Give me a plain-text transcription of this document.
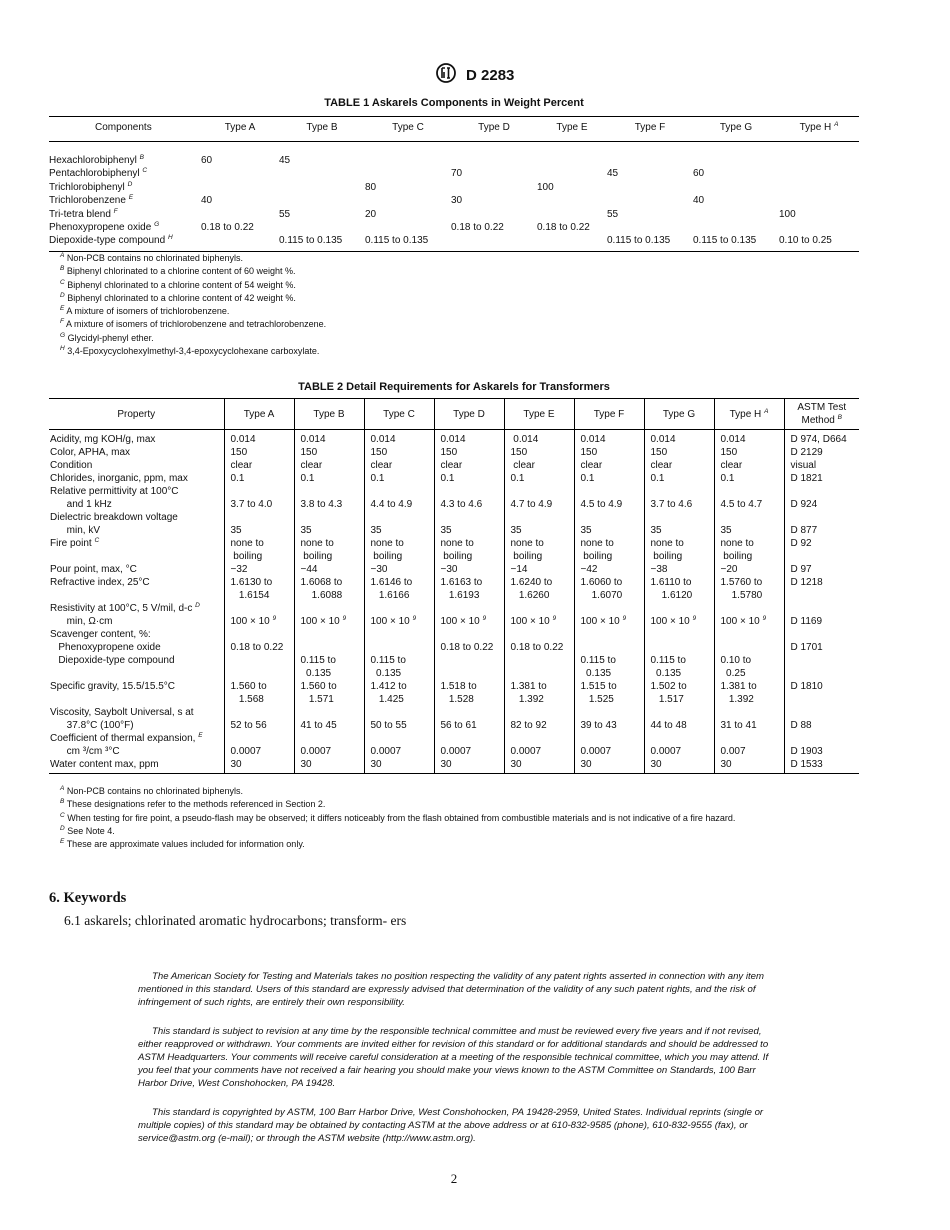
D 2283
TABLE 1 Askarels Components in Weight Percent
Components	Type A	Type B	Type C	Type D	Type E	Type F	Type G	Type H $^A$

Hexachlorobiphenyl $^B$	60	45						
Pentachlorobiphenyl $^C$				70		45	60	
Trichlorobiphenyl $^D$			80		100			
Trichlorobenzene $^E$	40			30			40	
Tri-tetra blend $^F$		55	20			55		100
Phenoxypropene oxide $^G$	0.18 to 0.22			0.18 to 0.22	0.18 to 0.22			
Diepoxide-type compound $^H$		0.115 to 0.135	0.115 to 0.135			0.115 to 0.135	0.115 to 0.135	0.10 to 0.25
$^A$ Non-PCB contains no chlorinated biphenyls.
$^B$ Biphenyl chlorinated to a chlorine content of 60 weight %.
$^C$ Biphenyl chlorinated to a chlorine content of 54 weight %.
$^D$ Biphenyl chlorinated to a chlorine content of 42 weight %.
$^E$ A mixture of isomers of trichlorobenzene.
$^F$ A mixture of isomers of trichlorobenzene and tetrachlorobenzene.
$^G$ Glycidyl-phenyl ether.
$^H$ 3,4-Epoxycyclohexylmethyl-3,4-epoxycyclohexane carboxylate.
TABLE 2 Detail Requirements for Askarels for Transformers
Property	Type A	Type B	Type C	Type D	Type E	Type F	Type G	Type H $^A$	ASTM Test Method $^B$
Acidity, mg KOH/g, max	0.014	0.014	0.014	0.014	0.014	0.014	0.014	0.014	D 974, D664
Color, APHA, max	150	150	150	150	150	150	150	150	D 2129
Condition	clear	clear	clear	clear	clear	clear	clear	clear	visual
Chlorides, inorganic, ppm, max	0.1	0.1	0.1	0.1	0.1	0.1	0.1	0.1	D 1821
Relative permittivity at 100°C									
and 1 kHz	3.7 to 4.0	3.8 to 4.3	4.4 to 4.9	4.3 to 4.6	4.7 to 4.9	4.5 to 4.9	3.7 to 4.6	4.5 to 4.7	D 924
Dielectric breakdown voltage									
min, kV	35	35	35	35	35	35	35	35	D 877
Fire point $^C$	none to	none to	none to	none to	none to	none to	none to	none to	D 92
	boiling	boiling	boiling	boiling	boiling	boiling	boiling	boiling	
Pour point, max, °C	−32	−44	−30	−30	−14	−42	−38	−20	D 97
Refractive index, 25°C	1.6130 to	1.6068 to	1.6146 to	1.6163 to	1.6240 to	1.6060 to	1.6110 to	1.5760 to	D 1218
	1.6154	1.6088	1.6166	1.6193	1.6260	1.6070	1.6120	1.5780	
Resistivity at 100°C, 5 V/mil, d-c $^D$									
min, Ω·cm	100 × 10 $^9$	100 × 10 $^9$	100 × 10 $^9$	100 × 10 $^9$	100 × 10 $^9$	100 × 10 $^9$	100 × 10 $^9$	100 × 10 $^9$	D 1169
Scavenger content, %:									
Phenoxypropene oxide	0.18 to 0.22			0.18 to 0.22	0.18 to 0.22				D 1701
Diepoxide-type compound		0.115 to	0.115 to			0.115 to	0.115 to	0.10 to	
		0.135	0.135			0.135	0.135	0.25	
Specific gravity, 15.5/15.5°C	1.560 to	1.560 to	1.412 to	1.518 to	1.381 to	1.515 to	1.502 to	1.381 to	D 1810
	1.568	1.571	1.425	1.528	1.392	1.525	1.517	1.392	
Viscosity, Saybolt Universal, s at									
37.8°C (100°F)	52 to 56	41 to 45	50 to 55	56 to 61	82 to 92	39 to 43	44 to 48	31 to 41	D 88
Coefficient of thermal expansion, $^E$									
cm ³/cm ³°C	0.0007	0.0007	0.0007	0.0007	0.0007	0.0007	0.0007	0.007	D 1903
Water content max, ppm	30	30	30	30	30	30	30	30	D 1533
$^A$ Non-PCB contains no chlorinated biphenyls.
$^B$ These designations refer to the methods referenced in Section 2.
$^C$ When testing for fire point, a pseudo-flash may be observed; it differs noticeably from the flash obtained from combustible materials and is not indicative of a fire hazard.
$^D$ See Note 4.
$^E$ These are approximate values included for information only.
6. Keywords
6.1 askarels; chlorinated aromatic hydrocarbons; transform- ers
The American Society for Testing and Materials takes no position respecting the validity of any patent rights asserted in connection with any item mentioned in this standard. Users of this standard are expressly advised that determination of the validity of any such patent rights, and the risk of infringement of such rights, are entirely their own responsibility.
This standard is subject to revision at any time by the responsible technical committee and must be reviewed every five years and if not revised, either reapproved or withdrawn. Your comments are invited either for revision of this standard or for additional standards and should be addressed to ASTM Headquarters. Your comments will receive careful consideration at a meeting of the responsible technical committee, which you may attend. If you feel that your comments have not received a fair hearing you should make your views known to the ASTM Committee on Standards, 100 Barr Harbor Drive, West Conshohocken, PA 19428.
This standard is copyrighted by ASTM, 100 Barr Harbor Drive, West Conshohocken, PA 19428-2959, United States. Individual reprints (single or multiple copies) of this standard may be obtained by contacting ASTM at the above address or at 610-832-9585 (phone), 610-832-9555 (fax), or service@astm.org (e-mail); or through the ASTM website (http://www.astm.org).
2
